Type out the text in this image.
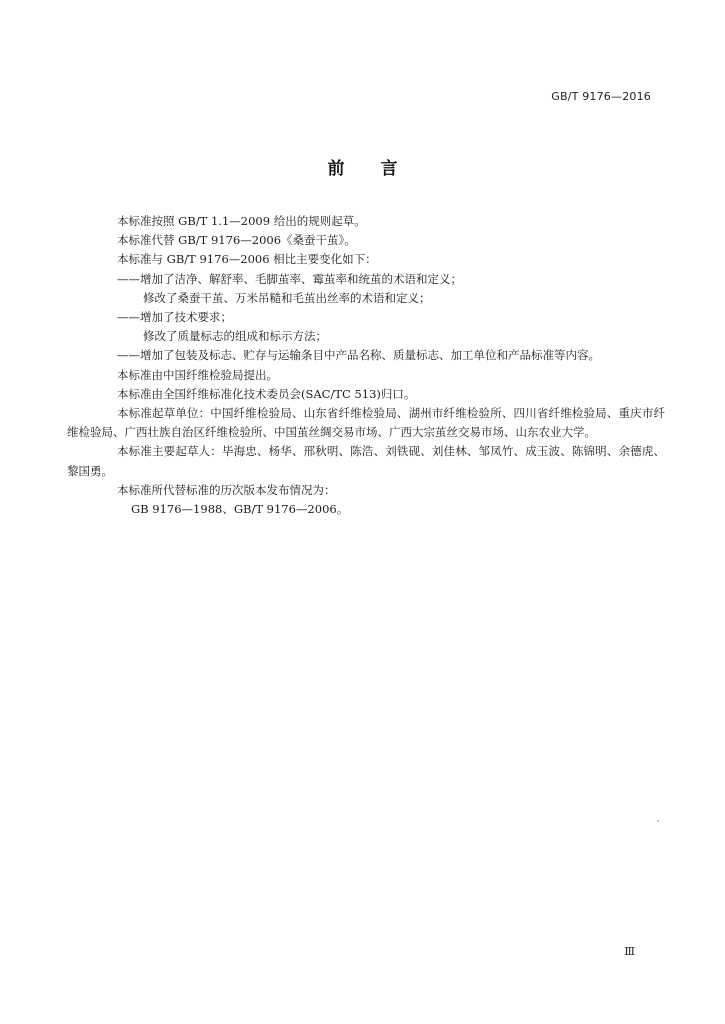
GB/T 9176—2016
前 言

本标准按照 GB/T 1.1—2009 给出的规则起草。

本标准代替 GB/T 9176—2006《桑蚕干茧》。

本标准与 GB/T 9176—2006 相比主要变化如下：

——增加了洁净、解舒率、毛脚茧率、霉茧率和统茧的术语和定义；

修改了桑蚕干茧、万米吊糙和毛茧出丝率的术语和定义；

——增加了技术要求；

修改了质量标志的组成和标示方法；

——增加了包装及标志、贮存与运输条目中产品名称、质量标志、加工单位和产品标准等内容。

本标准由中国纤维检验局提出。

本标准由全国纤维标准化技术委员会(SAC/TC 513)归口。

本标准起草单位：中国纤维检验局、山东省纤维检验局、湖州市纤维检验所、四川省纤维检验局、重庆市纤维检验局、广西壮族自治区纤维检验所、中国茧丝绸交易市场、广西大宗茧丝交易市场、山东农业大学。

本标准主要起草人：毕海忠、杨华、邢秋明、陈浩、刘铁砚、刘佳林、邹凤竹、成玉波、陈锦明、余德虎、黎国勇。

本标准所代替标准的历次版本发布情况为：

GB 9176—1988、GB/T 9176—2006。

Ⅲ
